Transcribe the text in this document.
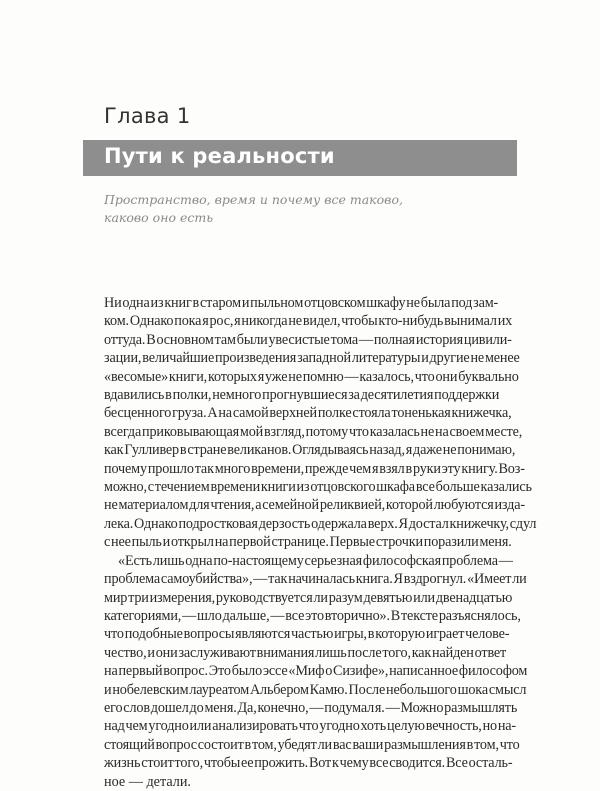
Глава 1
Пути к реальности
Пространство, время и почему все таково,
каково оно есть
Ни одна из книг в старом и пыльном отцовском шкафу не была под зам-
ком. Однако пока я рос, я никогда не видел, чтобы кто-нибудь вынимал их
оттуда. В основном там были увесистые тома — полная история цивили-
зации, величайшие произведения западной литературы и другие не менее
«весомые» книги, которых я уже не помню — казалось, что они буквально
вдавились в полки, немного прогнувшиеся за десятилетия поддержки
бесценного груза. А на самой верхней полке стояла тоненькая книжечка,
всегда приковывающая мой взгляд, потому что казалась не на своем месте,
как Гулливер в стране великанов. Оглядываясь назад, я даже не понимаю,
почему прошло так много времени, прежде чем я взял в руки эту книгу. Воз-
можно, с течением времени книги из отцовского шкафа все больше казались
не материалом для чтения, а семейной реликвией, которой любуются изда-
лека. Однако подростковая дерзость одержала верх. Я достал книжечку, сдул
с нее пыль и открыл на первой странице. Первые строчки поразили меня.
«Есть лишь одна по-настоящему серьезная философская проблема —
проблема самоубийства», — так начиналась книга. Я вздрогнул. «Имеет ли
мир три измерения, руководствуется ли разум девятью или двенадцатью
категориями, — шло дальше, — все это вторично». В тексте разъяснялось,
что подобные вопросы являются частью игры, в которую играет челове-
чество, и они заслуживают внимания лишь после того, как найден ответ
на первый вопрос. Это было эссе «Миф о Сизифе», написанное философом
и нобелевским лауреатом Альбером Камю. После небольшого шока смысл
его слов дошел до меня. Да, конечно, — подумал я. — Можно размышлять
над чем угодно или анализировать что угодно хоть целую вечность, но на-
стоящий вопрос состоит в том, убедят ли вас ваши размышления в том, что
жизнь стоит того, чтобы ее прожить. Вот к чему все сводится. Все осталь-
ное — детали.
